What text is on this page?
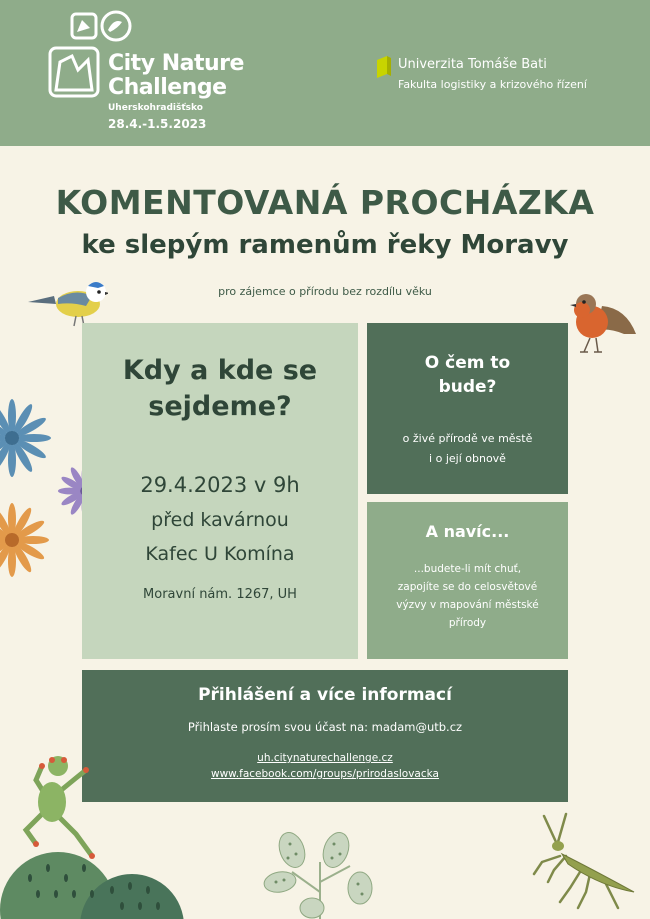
City Nature
Challenge
Uherskohradišťsko
28.4.-1.5.2023
Univerzita Tomáše Bati
Fakulta logistiky a krizového řízení
KOMENTOVANÁ PROCHÁZKA
ke slepým ramenům řeky Moravy
pro zájemce o přírodu bez rozdílu věku
Kdy a kde se
sejdeme?
29.4.2023 v 9h
před kavárnou
Kafec U Komína
Moravní nám. 1267, UH
O čem to
bude?
o živé přírodě ve městě
i o její obnově
A navíc...
...budete-li mít chuť,
zapojíte se do celosvětové
výzvy v mapování městské
přírody
Přihlášení a více informací
Přihlaste prosím svou účast na: madam@utb.cz
uh.citynaturechallenge.cz
www.facebook.com/groups/prirodaslovacka
